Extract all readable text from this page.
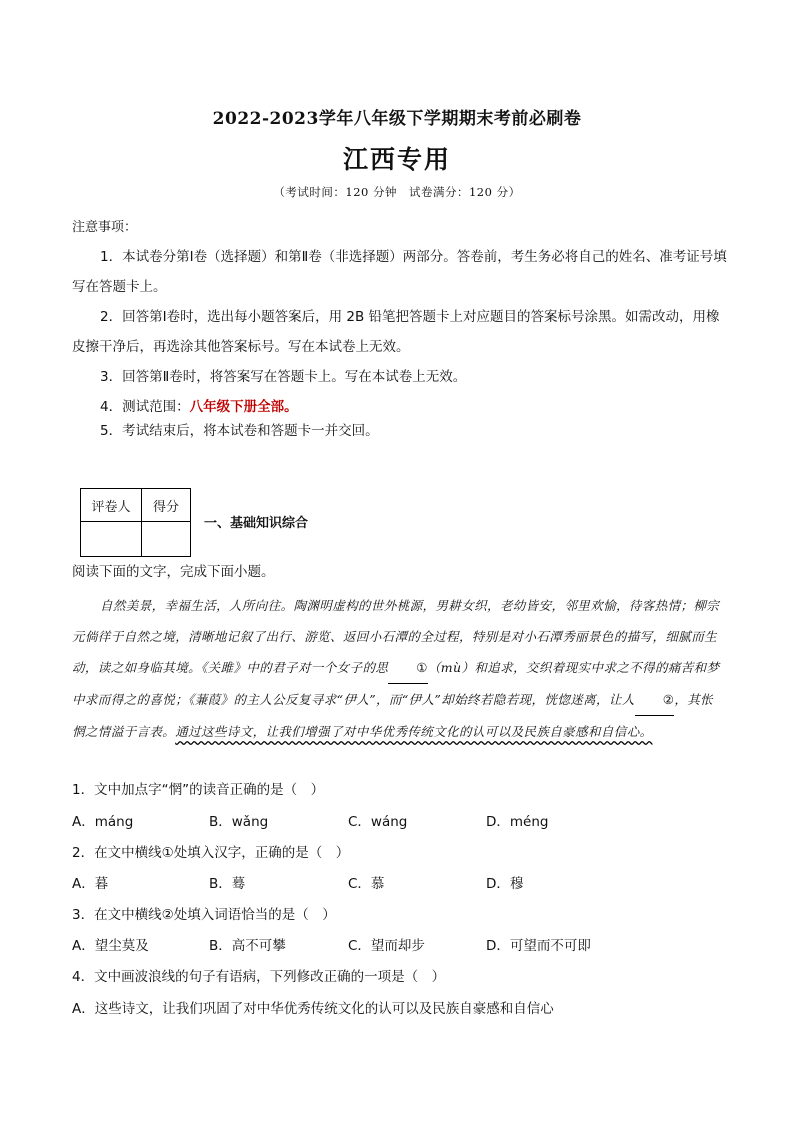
2022-2023学年八年级下学期期末考前必刷卷
江西专用
（考试时间：120 分钟　试卷满分：120 分）
注意事项：

1．本试卷分第Ⅰ卷（选择题）和第Ⅱ卷（非选择题）两部分。答卷前，考生务必将自己的姓名、准考证号填写在答题卡上。

2．回答第Ⅰ卷时，选出每小题答案后，用 2B 铅笔把答题卡上对应题目的答案标号涂黑。如需改动，用橡皮擦干净后，再选涂其他答案标号。写在本试卷上无效。

3．回答第Ⅱ卷时，将答案写在答题卡上。写在本试卷上无效。

4．测试范围：八年级下册全部。

5．考试结束后，将本试卷和答题卡一并交回。

评卷人	得分

一、基础知识综合
阅读下面的文字，完成下面小题。
自然美景，幸福生活，人所向往。陶渊明虚构的世外桃源，男耕女织，老幼皆安，邻里欢愉，待客热情；柳宗元倘徉于自然之境，清晰地记叙了出行、游览、返回小石潭的全过程，特别是对小石潭秀丽景色的描写，细腻而生动，读之如身临其境。《关雎》中的君子对一个女子的思 ①（mù）和追求，交织着现实中求之不得的痛苦和梦中求而得之的喜悦；《蒹葭》的主人公反复寻求“伊人”，而“伊人”却始终若隐若现，恍惚迷离，让人 ②，其怅惘之情溢于言表。通过这些诗文，让我们增强了对中华优秀传统文化的认可以及民族自豪感和自信心。
1．文中加点字“惘”的读音正确的是（　）
A．máng	B．wǎng	C．wáng	D．méng
2．在文中横线①处填入汉字，正确的是（　）
A．暮	B．蓦	C．慕	D．穆
3．在文中横线②处填入词语恰当的是（　）
A．望尘莫及	B．高不可攀	C．望而却步	D．可望而不可即
4．文中画波浪线的句子有语病，下列修改正确的一项是（　）
A．这些诗文，让我们巩固了对中华优秀传统文化的认可以及民族自豪感和自信心
